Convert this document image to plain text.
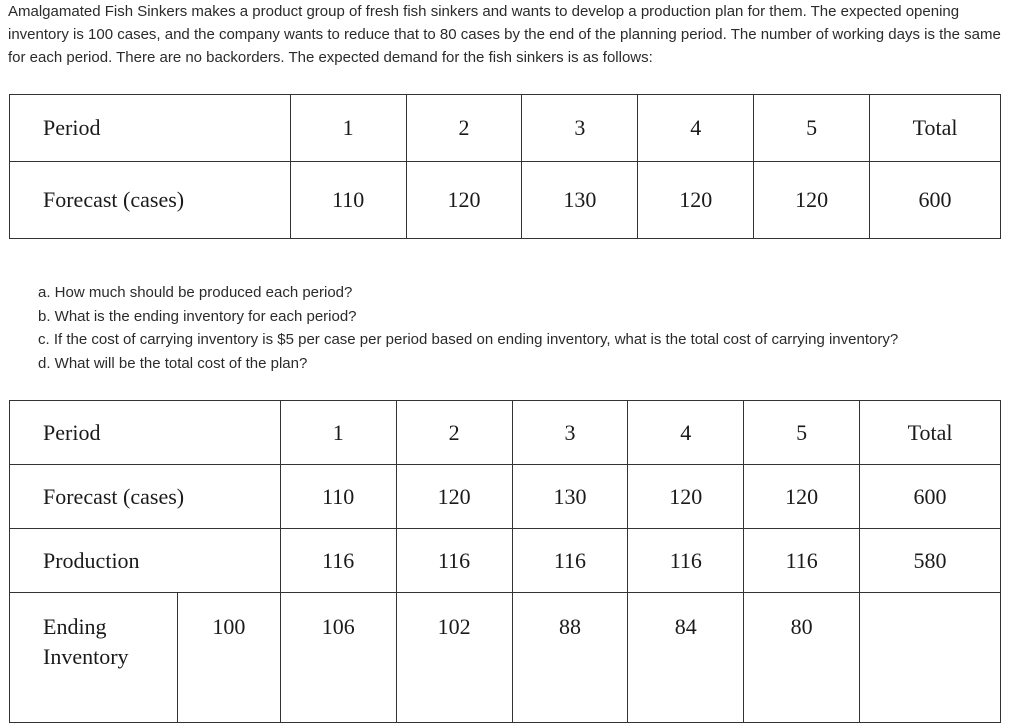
Amalgamated Fish Sinkers makes a product group of fresh fish sinkers and wants to develop a production plan for them. The expected opening inventory is 100 cases, and the company wants to reduce that to 80 cases by the end of the planning period. The number of working days is the same for each period. There are no backorders. The expected demand for the fish sinkers is as follows:

Period	1	2	3	4	5	Total
Forecast (cases)	110	120	130	120	120	600
a. How much should be produced each period?
b. What is the ending inventory for each period?
c. If the cost of carrying inventory is $5 per case per period based on ending inventory, what is the total cost of carrying inventory?
d. What will be the total cost of the plan?
Period		1	2	3	4	5	Total
Forecast (cases)		110	120	130	120	120	600
Production		116	116	116	116	116	580
Ending
Inventory	100	106	102	88	84	80	
